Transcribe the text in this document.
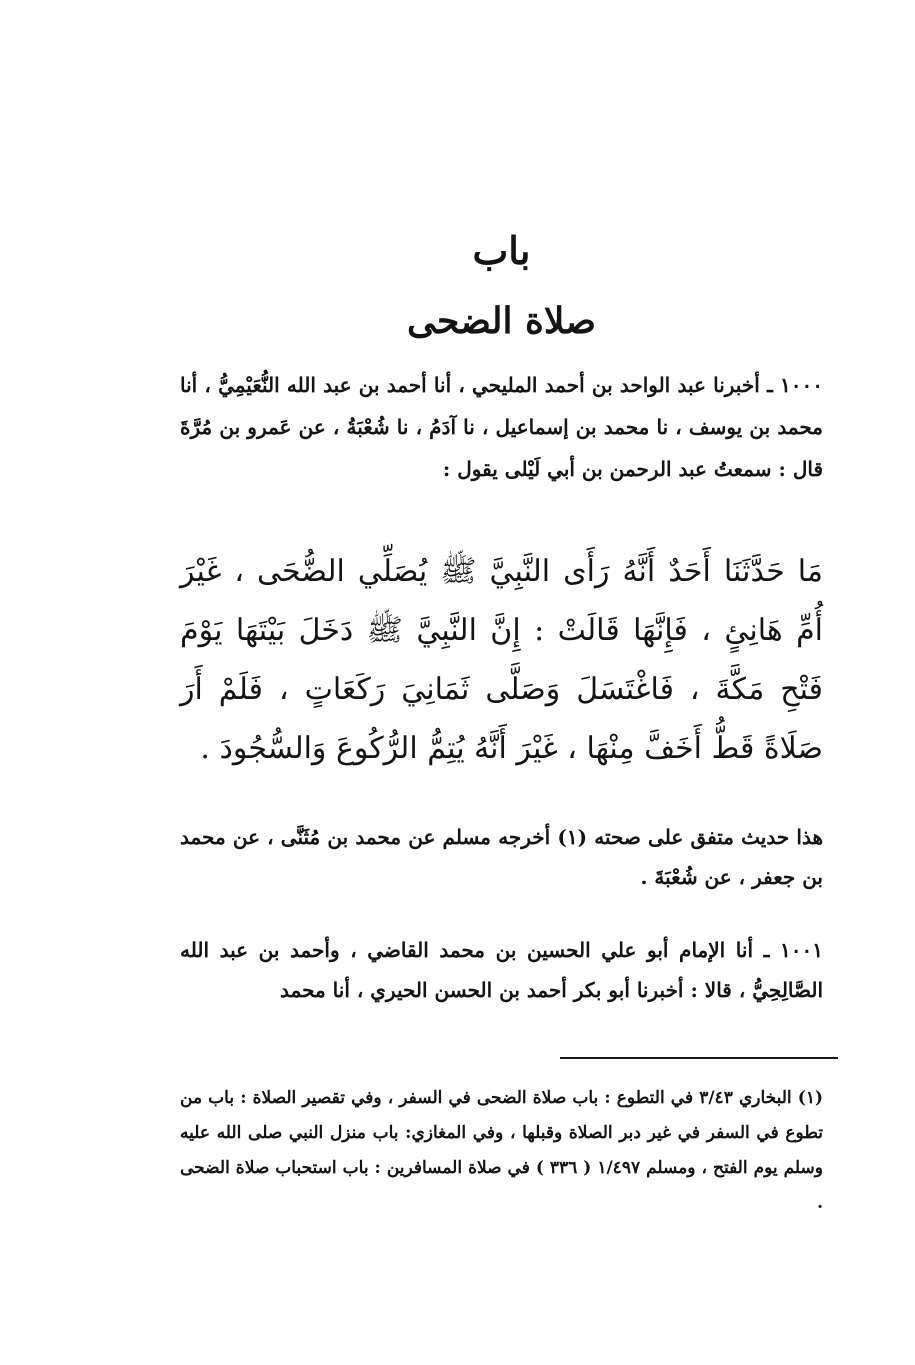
باب
صلاة الضحى
١٠٠٠ ـ أخبرنا عبد الواحد بن أحمد المليحي ، أنا أحمد بن عبد الله النُّعَيْمِيُّ ، أنا محمد بن يوسف ، نا محمد بن إسماعيل ، نا آدَمُ ، نا شُعْبَةُ ، عن عَمرو بن مُرَّةَ قال : سمعتُ عبد الرحمن بن أبي لَيْلى يقول :
مَا حَدَّثَنَا أَحَدٌ أَنَّهُ رَأَى النَّبِيَّ ﷺ يُصَلِّي الضُّحَى ، غَيْرَ أُمِّ هَانِئٍ ، فَإِنَّهَا قَالَتْ : إِنَّ النَّبِيَّ ﷺ دَخَلَ بَيْتَهَا يَوْمَ فَتْحِ مَكَّةَ ، فَاغْتَسَلَ وَصَلَّى ثَمَانِيَ رَكَعَاتٍ ، فَلَمْ أَرَ صَلَاةً قَطُّ أَخَفَّ مِنْهَا ، غَيْرَ أَنَّهُ يُتِمُّ الرُّكُوعَ وَالسُّجُودَ .
هذا حديث متفق على صحته (١) أخرجه مسلم عن محمد بن مُثَنَّى ، عن محمد بن جعفر ، عن شُعْبَةَ .
١٠٠١ ـ أنا الإمام أبو علي الحسين بن محمد القاضي ، وأحمد بن عبد الله الصَّالِحِيُّ ، قالا : أخبرنا أبو بكر أحمد بن الحسن الحيري ، أنا محمد
(١) البخاري ٣/٤٣ في التطوع : باب صلاة الضحى في السفر ، وفي تقصير الصلاة : باب من تطوع في السفر في غير دبر الصلاة وقبلها ، وفي المغازي: باب منزل النبي صلى الله عليه وسلم يوم الفتح ، ومسلم ١/٤٩٧ ( ٣٣٦ ) في صلاة المسافرين : باب استحباب صلاة الضحى .
